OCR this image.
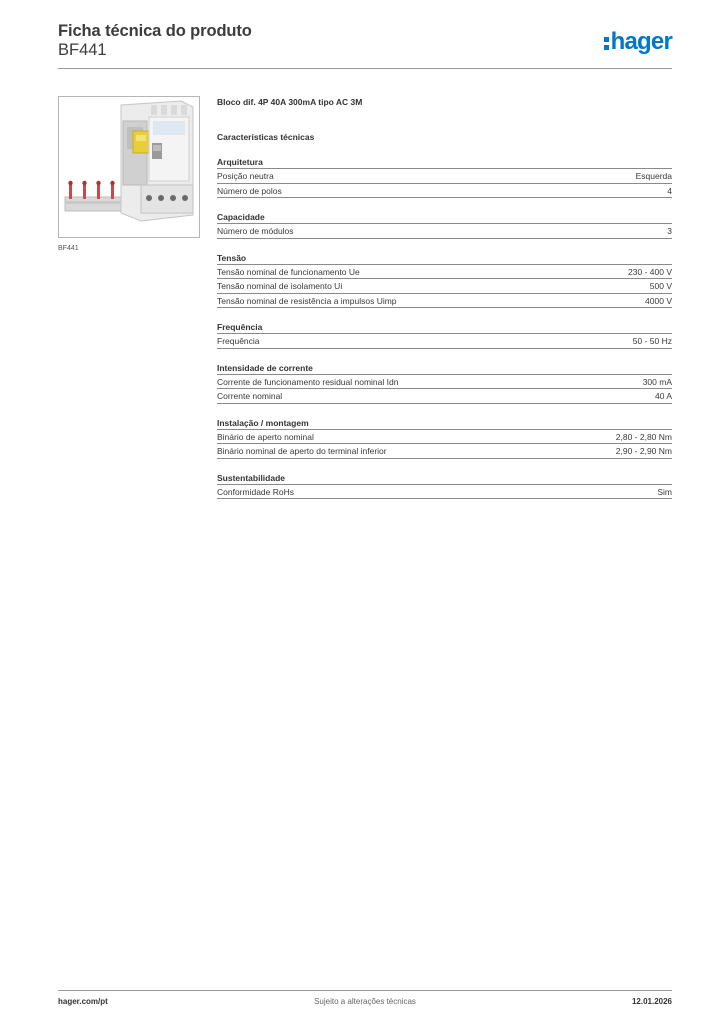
Ficha técnica do produto
BF441	hager
BF441
Bloco dif. 4P 40A 300mA tipo AC 3M
Características técnicas
Arquitetura
Posição neutra	Esquerda
Número de polos	4
Capacidade
Número de módulos	3
Tensão
Tensão nominal de funcionamento Ue	230 - 400 V
Tensão nominal de isolamento Ui	500 V
Tensão nominal de resistência a impulsos Uimp	4000 V
Frequência
Frequência	50 - 50 Hz
Intensidade de corrente
Corrente de funcionamento residual nominal Idn	300 mA
Corrente nominal	40 A
Instalação / montagem
Binário de aperto nominal	2,80 - 2,80 Nm
Binário nominal de aperto do terminal inferior	2,90 - 2,90 Nm
Sustentabilidade
Conformidade RoHs	Sim
hager.com/pt	Sujeito a alterações técnicas	12.01.2026
